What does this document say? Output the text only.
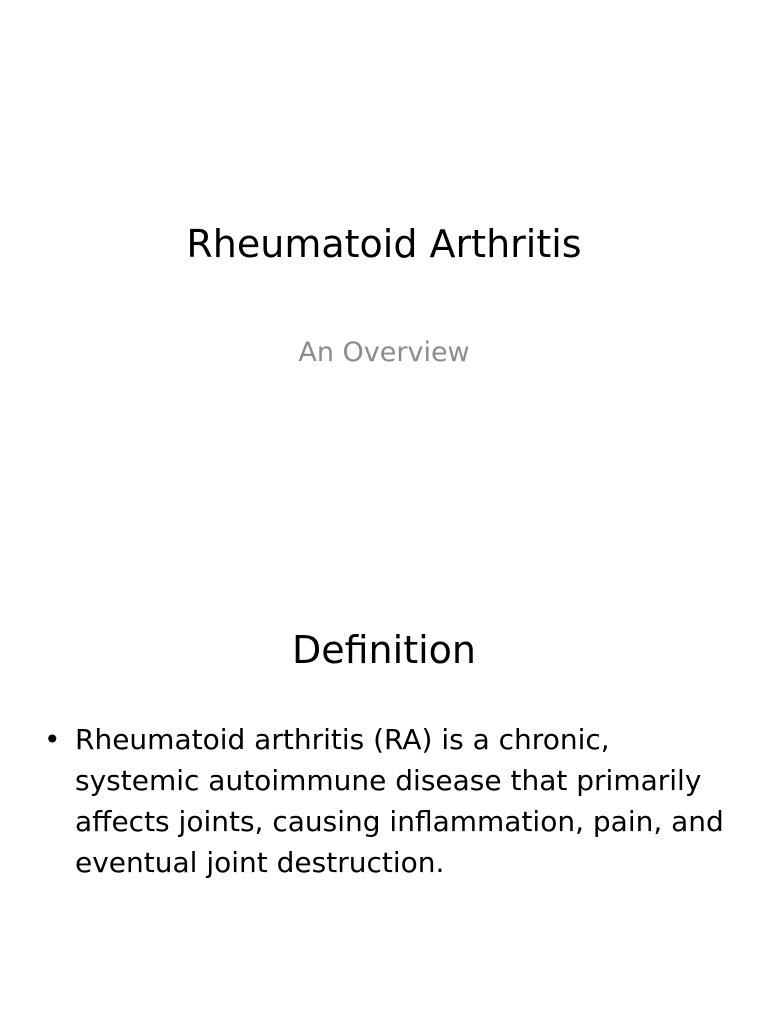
Rheumatoid Arthritis

An Overview

Definition
• Rheumatoid arthritis (RA) is a chronic, systemic autoimmune disease that primarily affects joints, causing inflammation, pain, and eventual joint destruction.
